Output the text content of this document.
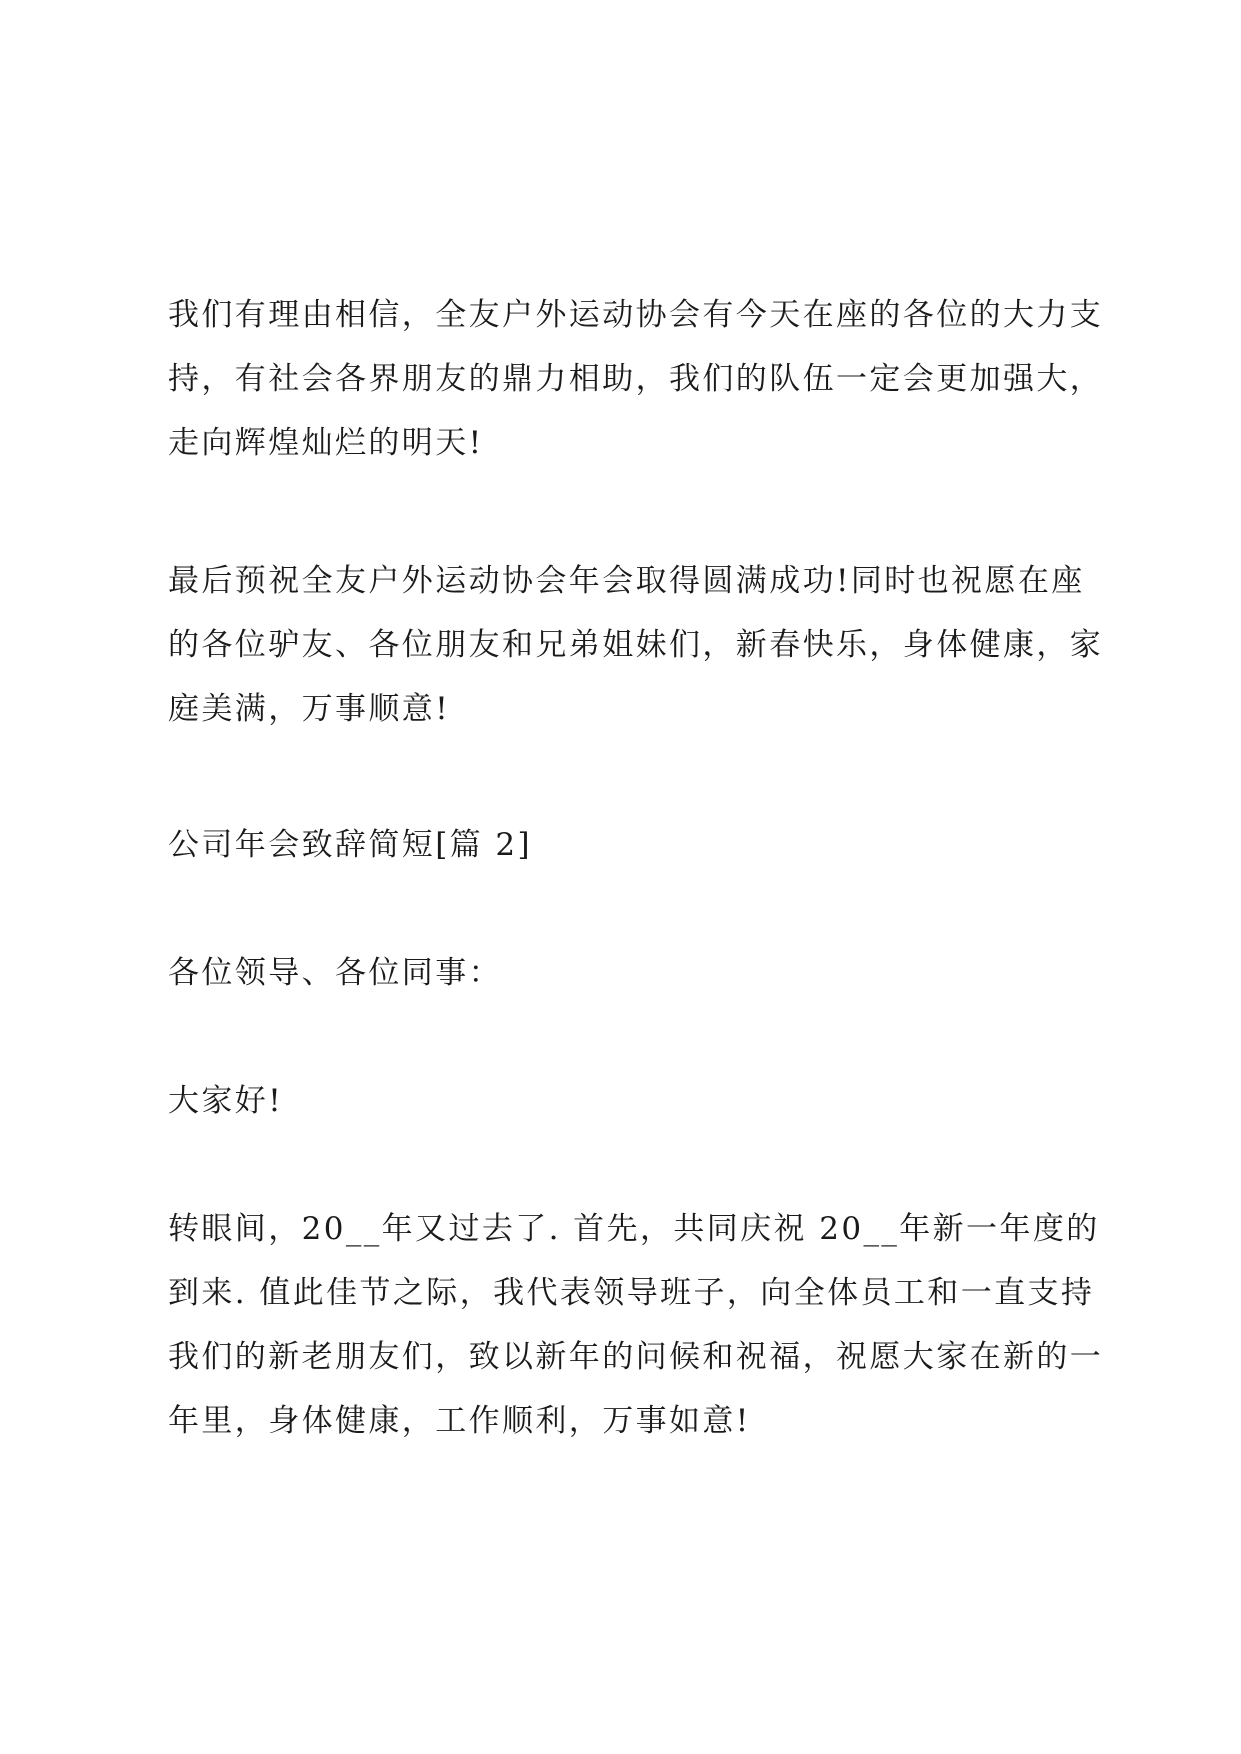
我们有理由相信，全友户外运动协会有今天在座的各位的大力支
持，有社会各界朋友的鼎力相助，我们的队伍一定会更加强大，
走向辉煌灿烂的明天!

最后预祝全友户外运动协会年会取得圆满成功!同时也祝愿在座
的各位驴友、各位朋友和兄弟姐妹们，新春快乐，身体健康，家
庭美满，万事顺意!

公司年会致辞简短[篇 2]

各位领导、各位同事：

大家好!

转眼间，20__年又过去了. 首先，共同庆祝 20__年新一年度的
到来. 值此佳节之际，我代表领导班子，向全体员工和一直支持
我们的新老朋友们，致以新年的问候和祝福，祝愿大家在新的一
年里，身体健康，工作顺利，万事如意!
